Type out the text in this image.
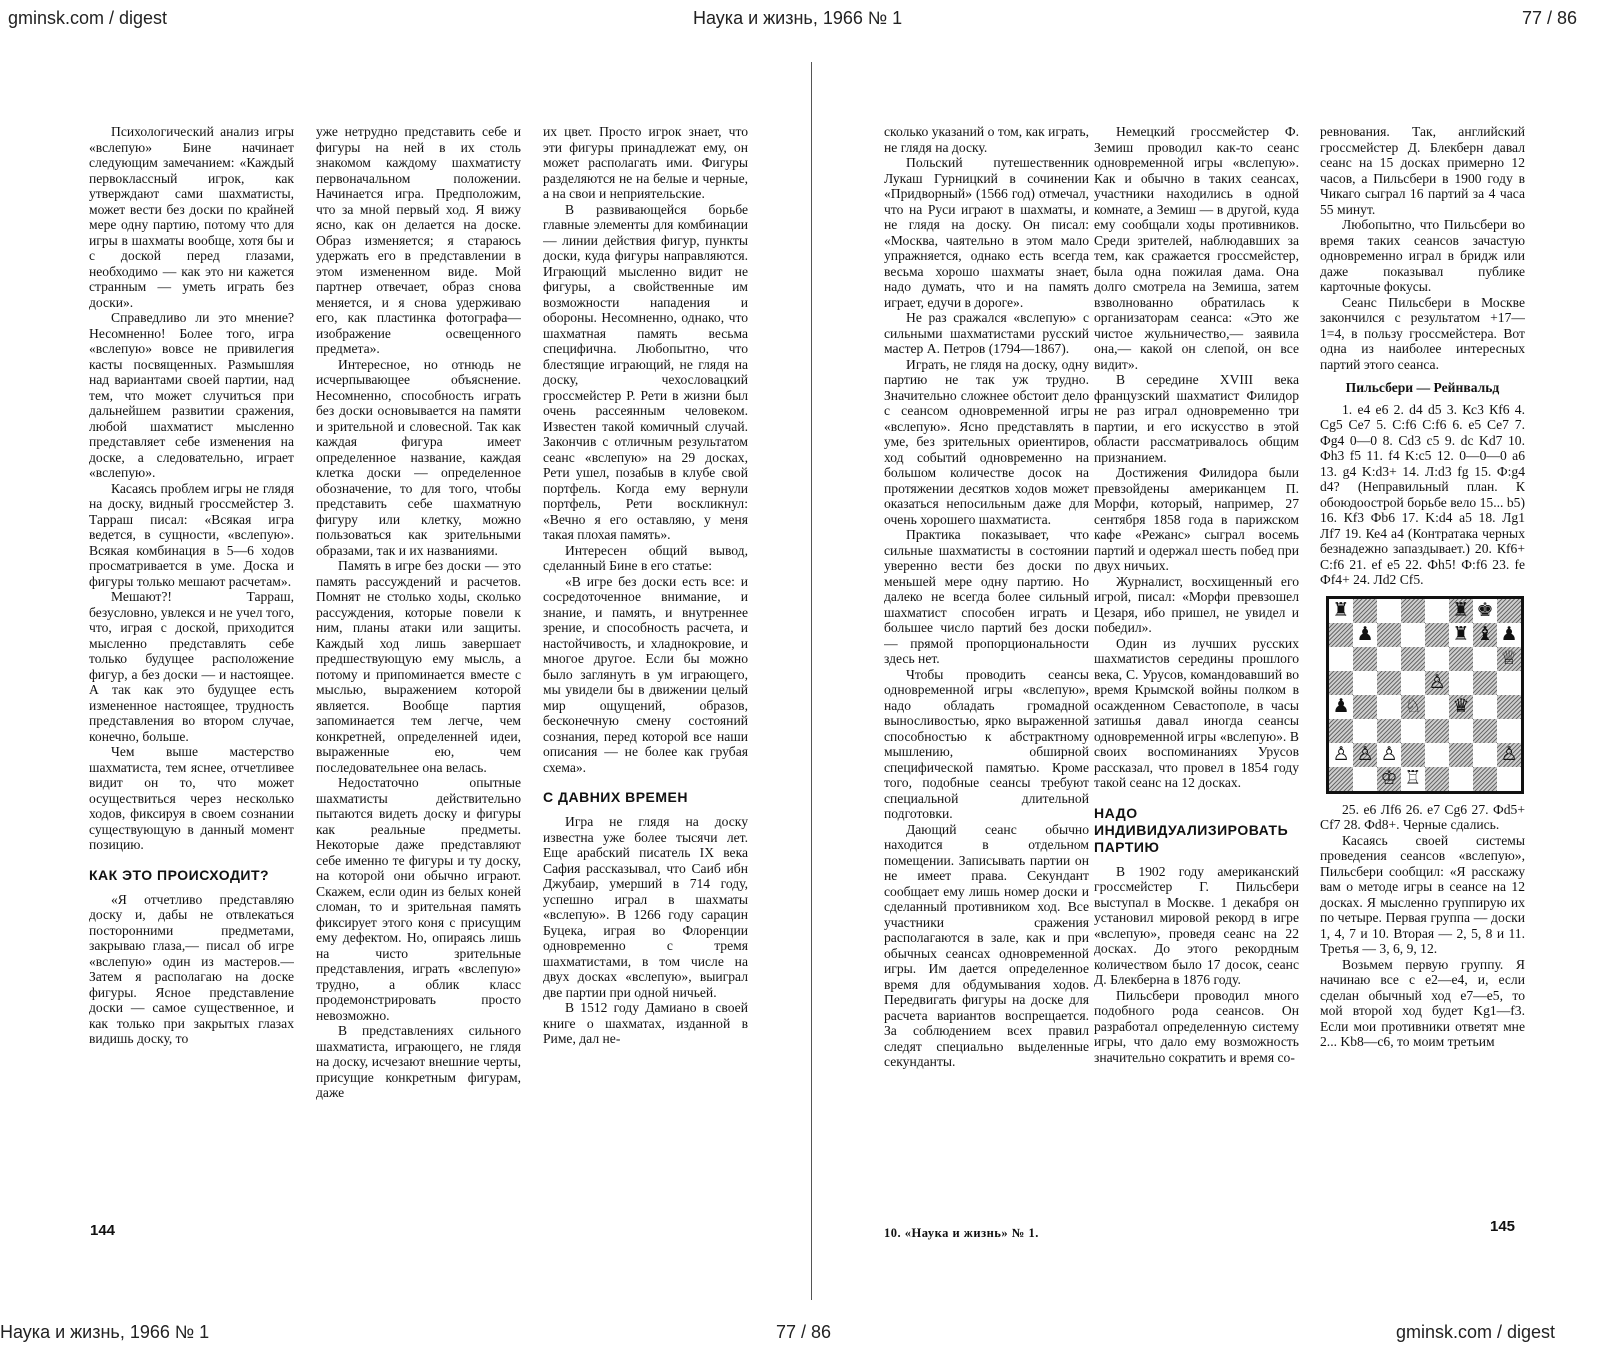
gminsk.com / digest	Наука и жизнь, 1966 № 1	77 / 86

Психологический анализ игры «вслепую» Бине начинает следующим замечанием: «Каждый первоклассный игрок, как утверждают сами шахматисты, может вести без доски по крайней мере одну партию, потому что для игры в шахматы вообще, хотя бы и с доской перед глазами, необходимо — как это ни кажется странным — уметь играть без доски».

Справедливо ли это мнение? Несомненно! Более того, игра «вслепую» вовсе не привилегия касты посвященных. Размышляя над вариантами своей партии, над тем, что может случиться при дальнейшем развитии сражения, любой шахматист мысленно представляет себе изменения на доске, а следовательно, играет «вслепую».

Касаясь проблем игры не глядя на доску, видный гроссмейстер З. Тарраш писал: «Всякая игра ведется, в сущности, «вслепую». Всякая комбинация в 5—6 ходов просматривается в уме. Доска и фигуры только мешают расчетам».

Мешают?! Тарраш, безусловно, увлекся и не учел того, что, играя с доской, приходится мысленно представлять себе только будущее расположение фигур, а без доски — и настоящее. А так как это будущее есть измененное настоящее, трудность представления во втором случае, конечно, больше.

Чем выше мастерство шахматиста, тем яснее, отчетливее видит он то, что может осуществиться через несколько ходов, фиксируя в своем сознании существующую в данный момент позицию.

КАК ЭТО ПРОИСХОДИТ?

«Я отчетливо представляю доску и, дабы не отвлекаться посторонними предметами, закрываю глаза,— писал об игре «вслепую» один из мастеров.— Затем я располагаю на доске фигуры. Ясное представление доски — самое существенное, и как только при закрытых глазах видишь доску, то

уже нетрудно представить себе и фигуры на ней в их столь знакомом каждому шахматисту первоначальном положении. Начинается игра. Предположим, что за мной первый ход. Я вижу ясно, как он делается на доске. Образ изменяется; я стараюсь удержать его в представлении в этом измененном виде. Мой партнер отвечает, образ снова меняется, и я снова удерживаю его, как пластинка фотографа—изображение освещенного предмета».

Интересное, но отнюдь не исчерпывающее объяснение. Несомненно, способность играть без доски основывается на памяти и зрительной и словесной. Так как каждая фигура имеет определенное название, каждая клетка доски — определенное обозначение, то для того, чтобы представить себе шахматную фигуру или клетку, можно пользоваться как зрительными образами, так и их названиями.

Память в игре без доски — это память рассуждений и расчетов. Помнят не столько ходы, сколько рассуждения, которые повели к ним, планы атаки или защиты. Каждый ход лишь завершает предшествующую ему мысль, а потому и припоминается вместе с мыслью, выражением которой является. Вообще партия запоминается тем легче, чем конкретней, определенней идеи, выраженные ею, чем последовательнее она велась.

Недостаточно опытные шахматисты действительно пытаются видеть доску и фигуры как реальные предметы. Некоторые даже представляют себе именно те фигуры и ту доску, на которой они обычно играют. Скажем, если один из белых коней сломан, то и зрительная память фиксирует этого коня с присущим ему дефектом. Но, опираясь лишь на чисто зрительные представления, играть «вслепую» трудно, а облик класс продемонстрировать просто невозможно.

В представлениях сильного шахматиста, играющего, не глядя на доску, исчезают внешние черты, присущие конкретным фигурам, даже

их цвет. Просто игрок знает, что эти фигуры принадлежат ему, он может располагать ими. Фигуры разделяются не на белые и черные, а на свои и неприятельские.

В развивающейся борьбе главные элементы для комбинации — линии действия фигур, пункты доски, куда фигуры направляются. Играющий мысленно видит не фигуры, а свойственные им возможности нападения и обороны. Несомненно, однако, что шахматная память весьма специфична. Любопытно, что блестящие играющий, не глядя на доску, чехословацкий гроссмейстер Р. Рети в жизни был очень рассеянным человеком. Известен такой комичный случай. Закончив с отличным результатом сеанс «вслепую» на 29 досках, Рети ушел, позабыв в клубе свой портфель. Когда ему вернули портфель, Рети воскликнул: «Вечно я его оставляю, у меня такая плохая память».

Интересен общий вывод, сделанный Бине в его статье:

«В игре без доски есть все: и сосредоточенное внимание, и знание, и память, и внутреннее зрение, и способность расчета, и настойчивость, и хладнокровие, и многое другое. Если бы можно было заглянуть в ум играющего, мы увидели бы в движении целый мир ощущений, образов, бесконечную смену состояний сознания, перед которой все наши описания — не более как грубая схема».

С ДАВНИХ ВРЕМЕН

Игра не глядя на доску известна уже более тысячи лет. Еще арабский писатель IX века Сафия рассказывал, что Саиб ибн Джубаир, умерший в 714 году, успешно играл в шахматы «вслепую». В 1266 году сарацин Буцека, играя во Флоренции одновременно с тремя шахматистами, в том числе на двух досках «вслепую», выиграл две партии при одной ничьей.

В 1512 году Дамиано в своей книге о шахматах, изданной в Риме, дал не-

144

сколько указаний о том, как играть, не глядя на доску.

Польский путешественник Лукаш Гурницкий в сочинении «Придворный» (1566 год) отмечал, что на Руси играют в шахматы, и не глядя на доску. Он писал: «Москва, чаятельно в этом мало упражняется, однако есть всегда весьма хорошо шахматы знает, надо думать, что и на память играет, едучи в дороге».

Не раз сражался «вслепую» с сильными шахматистами русский мастер А. Петров (1794—1867).

Играть, не глядя на доску, одну партию не так уж трудно. Значительно сложнее обстоит дело с сеансом одновременной игры «вслепую». Ясно представлять в уме, без зрительных ориентиров, ход событий одновременно на большом количестве досок на протяжении десятков ходов может оказаться непосильным даже для очень хорошего шахматиста.

Практика показывает, что сильные шахматисты в состоянии уверенно вести без доски по меньшей мере одну партию. Но далеко не всегда более сильный шахматист способен играть и большее число партий без доски — прямой пропорциональности здесь нет.

Чтобы проводить сеансы одновременной игры «вслепую», надо обладать громадной выносливостью, ярко выраженной способностью к абстрактному мышлению, обширной специфической памятью. Кроме того, подобные сеансы требуют специальной длительной подготовки.

Дающий сеанс обычно находится в отдельном помещении. Записывать партии он не имеет права. Секундант сообщает ему лишь номер доски и сделанный противником ход. Все участники сражения располагаются в зале, как и при обычных сеансах одновременной игры. Им дается определенное время для обдумывания ходов. Передвигать фигуры на доске для расчета вариантов воспрещается. За соблюдением всех правил следят специально выделенные секунданты.

Немецкий гроссмейстер Ф. Земиш проводил как-то сеанс одновременной игры «вслепую». Как и обычно в таких сеансах, участники находились в одной комнате, а Земиш — в другой, куда ему сообщали ходы противников. Среди зрителей, наблюдавших за тем, как сражается гроссмейстер, была одна пожилая дама. Она долго смотрела на Земиша, затем взволнованно обратилась к организаторам сеанса: «Это же чистое жульничество,— заявила она,— какой он слепой, он все видит».

В середине XVIII века французский шахматист Филидор не раз играл одновременно три партии, и его искусство в этой области рассматривалось общим признанием.

Достижения Филидора были превзойдены американцем П. Морфи, который, например, 27 сентября 1858 года в парижском кафе «Режанс» сыграл восемь партий и одержал шесть побед при двух ничьих.

Журналист, восхищенный его игрой, писал: «Морфи превзошел Цезаря, ибо пришел, не увидел и победил».

Один из лучших русских шахматистов середины прошлого века, С. Урусов, командовавший во время Крымской войны полком в осажденном Севастополе, в часы затишья давал иногда сеансы одновременной игры «вслепую». В своих воспоминаниях Урусов рассказал, что провел в 1854 году такой сеанс на 12 досках.

НАДО ИНДИВИДУАЛИЗИРОВАТЬ ПАРТИЮ

В 1902 году американский гроссмейстер Г. Пильсбери выступал в Москве. 1 декабря он установил мировой рекорд в игре «вслепую», проведя сеанс на 22 досках. До этого рекордным количеством было 17 досок, сеанс Д. Блекберна в 1876 году.

Пильсбери проводил много подобного рода сеансов. Он разработал определенную систему игры, что дало ему возможность значительно сократить и время со-

ревнования. Так, английский гроссмейстер Д. Блекберн давал сеанс на 15 досках примерно 12 часов, а Пильсбери в 1900 году в Чикаго сыграл 16 партий за 4 часа 55 минут.

Любопытно, что Пильсбери во время таких сеансов зачастую одновременно играл в бридж или даже показывал публике карточные фокусы.

Сеанс Пильсбери в Москве закончился с результатом +17—1=4, в пользу гроссмейстера. Вот одна из наиболее интересных партий этого сеанса.

Пильсбери — Рейнвальд

1. е4 е6 2. d4 d5 3. Кс3 Кf6 4. Cg5 Ce7 5. C:f6 C:f6 6. e5 Ce7 7. Фg4 0—0 8. Cd3 c5 9. dc Kd7 10. Фh3 f5 11. f4 K:c5 12. 0—0—0 a6 13. g4 K:d3+ 14. Л:d3 fg 15. Ф:g4 d4? (Неправильный план. К обоюдоострой борьбе вело 15... b5) 16. Кf3 Фb6 17. K:d4 a5 18. Лg1 Лf7 19. Ке4 а4 (Контратака черных безнадежно запаздывает.) 20. Кf6+ С:f6 21. ef e5 22. Фh5! Ф:f6 23. fe Фf4+ 24. Лd2 Cf5.

♜	♜ ♚
♟	♜ ♝ ♟
♕
♙
♟	♘ ♛
♙ ♙ ♙	♙
♔ ♖

25. e6 Лf6 26. e7 Cg6 27. Фd5+ Cf7 28. Фd8+. Черные сдались.

Касаясь своей системы проведения сеансов «вслепую», Пильсбери сообщил: «Я расскажу вам о методе игры в сеансе на 12 досках. Я мысленно группирую их по четыре. Первая группа — доски 1, 4, 7 и 10. Вторая — 2, 5, 8 и 11. Третья — 3, 6, 9, 12.

Возьмем первую группу. Я начинаю все с e2—e4, и, если сделан обычный ход e7—e5, то мой второй ход будет Kg1—f3. Если мои противники ответят мне 2... Kb8—c6, то моим третьим

10. «Наука и жизнь» № 1.	145
Наука и жизнь, 1966 № 1	77 / 86	gminsk.com / digest
